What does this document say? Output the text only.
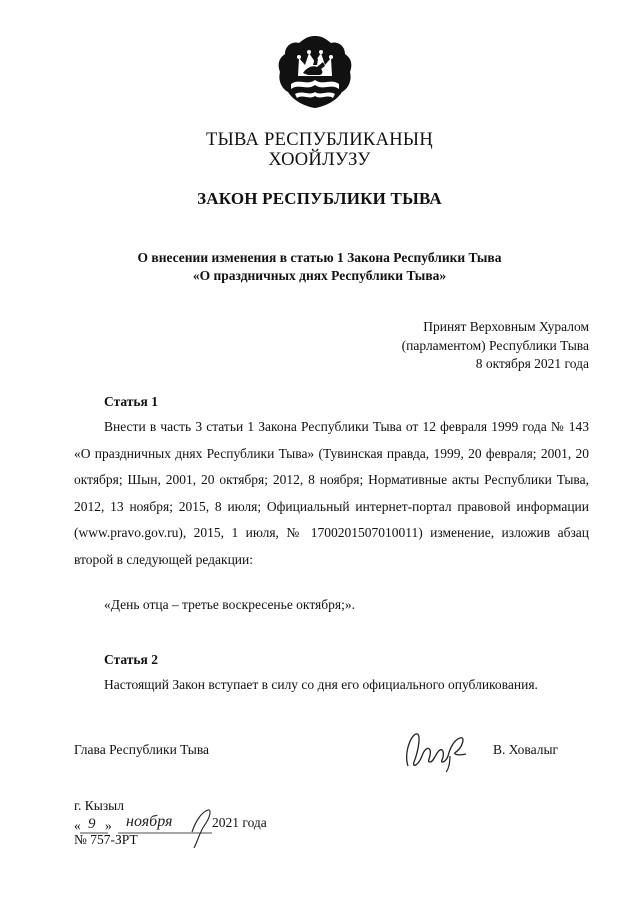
ТЫВА РЕСПУБЛИКАНЫҢ
ХООЙЛУЗУ
ЗАКОН РЕСПУБЛИКИ ТЫВА
О внесении изменения в статью 1 Закона Республики Тыва
«О праздничных днях Республики Тыва»
Принят Верховным Хуралом
(парламентом) Республики Тыва
8 октября 2021 года
Статья 1
Внести в часть 3 статьи 1 Закона Республики Тыва от 12 февраля 1999 года № 143 «О праздничных днях Республики Тыва» (Тувинская правда, 1999, 20 февраля; 2001, 20 октября; Шын, 2001, 20 октября; 2012, 8 ноября; Нормативные акты Республики Тыва, 2012, 13 ноября; 2015, 8 июля; Официальный интернет-портал правовой информации (www.pravo.gov.ru), 2015, 1 июля, № 1700201507010011) изменение, изложив абзац второй в следующей редакции:
«День отца – третье воскресенье октября;».
Статья 2
Настоящий Закон вступает в силу со дня его официального опубликования.
Глава Республики Тыва	В. Ховалыг
г. Кызыл
« 9 » ноября	2021 года
№ 757-ЗРТ
